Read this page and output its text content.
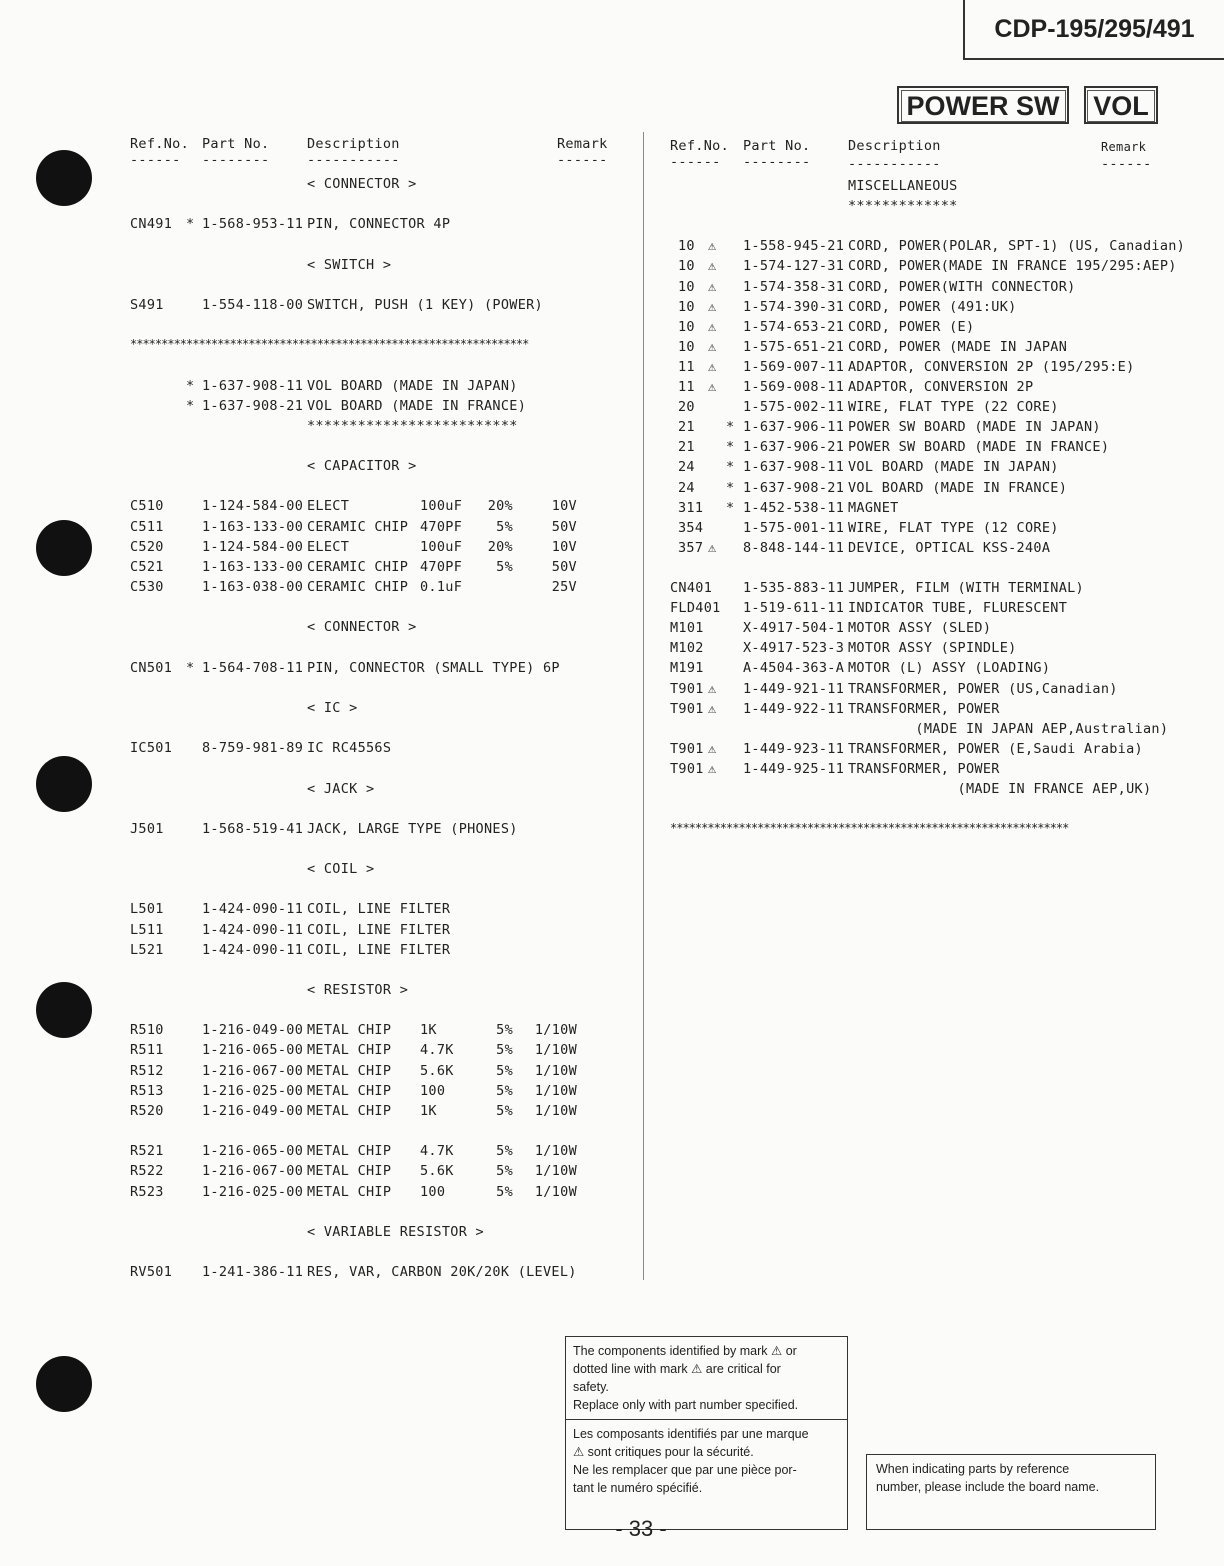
CDP-195/295/491
POWER SW VOL
Ref.No. Part No.	Description	Remark
------ --------	-----------	------
< CONNECTOR >
CN491 * 1-568-953-11 PIN, CONNECTOR 4P
< SWITCH >
S491	1-554-118-00 SWITCH, PUSH (1 KEY) (POWER)
****************************************************************
* 1-637-908-11 VOL BOARD (MADE IN JAPAN)
* 1-637-908-21 VOL BOARD (MADE IN FRANCE)
*************************
< CAPACITOR >
C510	1-124-584-00 ELECT	100uF 20%	10V
C511	1-163-133-00 CERAMIC CHIP 470PF	5%	50V
C520	1-124-584-00 ELECT	100uF 20%	10V
C521	1-163-133-00 CERAMIC CHIP 470PF	5%	50V
C530	1-163-038-00 CERAMIC CHIP 0.1uF	25V
< CONNECTOR >
CN501 * 1-564-708-11 PIN, CONNECTOR (SMALL TYPE) 6P
< IC >
IC501 8-759-981-89 IC RC4556S
< JACK >
J501	1-568-519-41 JACK, LARGE TYPE (PHONES)
< COIL >
L501	1-424-090-11 COIL, LINE FILTER
L511	1-424-090-11 COIL, LINE FILTER
L521	1-424-090-11 COIL, LINE FILTER
< RESISTOR >
R510	1-216-049-00 METAL CHIP 1K	5% 1/10W
R511	1-216-065-00 METAL CHIP 4.7K	5% 1/10W
R512	1-216-067-00 METAL CHIP 5.6K	5% 1/10W
R513	1-216-025-00 METAL CHIP 100	5% 1/10W
R520	1-216-049-00 METAL CHIP 1K	5% 1/10W
R521	1-216-065-00 METAL CHIP 4.7K	5% 1/10W
R522	1-216-067-00 METAL CHIP 5.6K	5% 1/10W
R523	1-216-025-00 METAL CHIP 100	5% 1/10W
< VARIABLE RESISTOR >
RV501 1-241-386-11 RES, VAR, CARBON 20K/20K (LEVEL)
Ref.No. Part No.	Description	Remark
------ --------	-----------	------
MISCELLANEOUS
*************
10 ⚠ 1-558-945-21 CORD, POWER(POLAR, SPT-1) (US, Canadian)
10 ⚠ 1-574-127-31 CORD, POWER(MADE IN FRANCE 195/295:AEP)
10 ⚠ 1-574-358-31 CORD, POWER(WITH CONNECTOR)
10 ⚠ 1-574-390-31 CORD, POWER (491:UK)
10 ⚠ 1-574-653-21 CORD, POWER (E)
10 ⚠ 1-575-651-21 CORD, POWER (MADE IN JAPAN
11 ⚠ 1-569-007-11 ADAPTOR, CONVERSION 2P (195/295:E)
11 ⚠ 1-569-008-11 ADAPTOR, CONVERSION 2P
20	1-575-002-11 WIRE, FLAT TYPE (22 CORE)
21 * 1-637-906-11 POWER SW BOARD (MADE IN JAPAN)
21 * 1-637-906-21 POWER SW BOARD (MADE IN FRANCE)
24 * 1-637-908-11 VOL BOARD (MADE IN JAPAN)
24 * 1-637-908-21 VOL BOARD (MADE IN FRANCE)
311 * 1-452-538-11 MAGNET
354	1-575-001-11 WIRE, FLAT TYPE (12 CORE)
357 ⚠ 8-848-144-11 DEVICE, OPTICAL KSS-240A
CN401 1-535-883-11 JUMPER, FILM (WITH TERMINAL)
FLD401 1-519-611-11 INDICATOR TUBE, FLURESCENT
M101	X-4917-504-1 MOTOR ASSY (SLED)
M102	X-4917-523-3 MOTOR ASSY (SPINDLE)
M191	A-4504-363-A MOTOR (L) ASSY (LOADING)
T901 ⚠ 1-449-921-11 TRANSFORMER, POWER (US,Canadian)
T901 ⚠ 1-449-922-11 TRANSFORMER, POWER
(MADE IN JAPAN AEP,Australian)
T901 ⚠ 1-449-923-11 TRANSFORMER, POWER (E,Saudi Arabia)
T901 ⚠ 1-449-925-11 TRANSFORMER, POWER
(MADE IN FRANCE AEP,UK)
****************************************************************

The components identified by mark ⚠ or

dotted line with mark ⚠ are critical for

safety.

Replace only with part number specified.

Les composants identifiés par une marque

⚠ sont critiques pour la sécurité.

Ne les remplacer que par une pièce por-

tant le numéro spécifié.

When indicating parts by reference

number, please include the board name.

- 33 -
